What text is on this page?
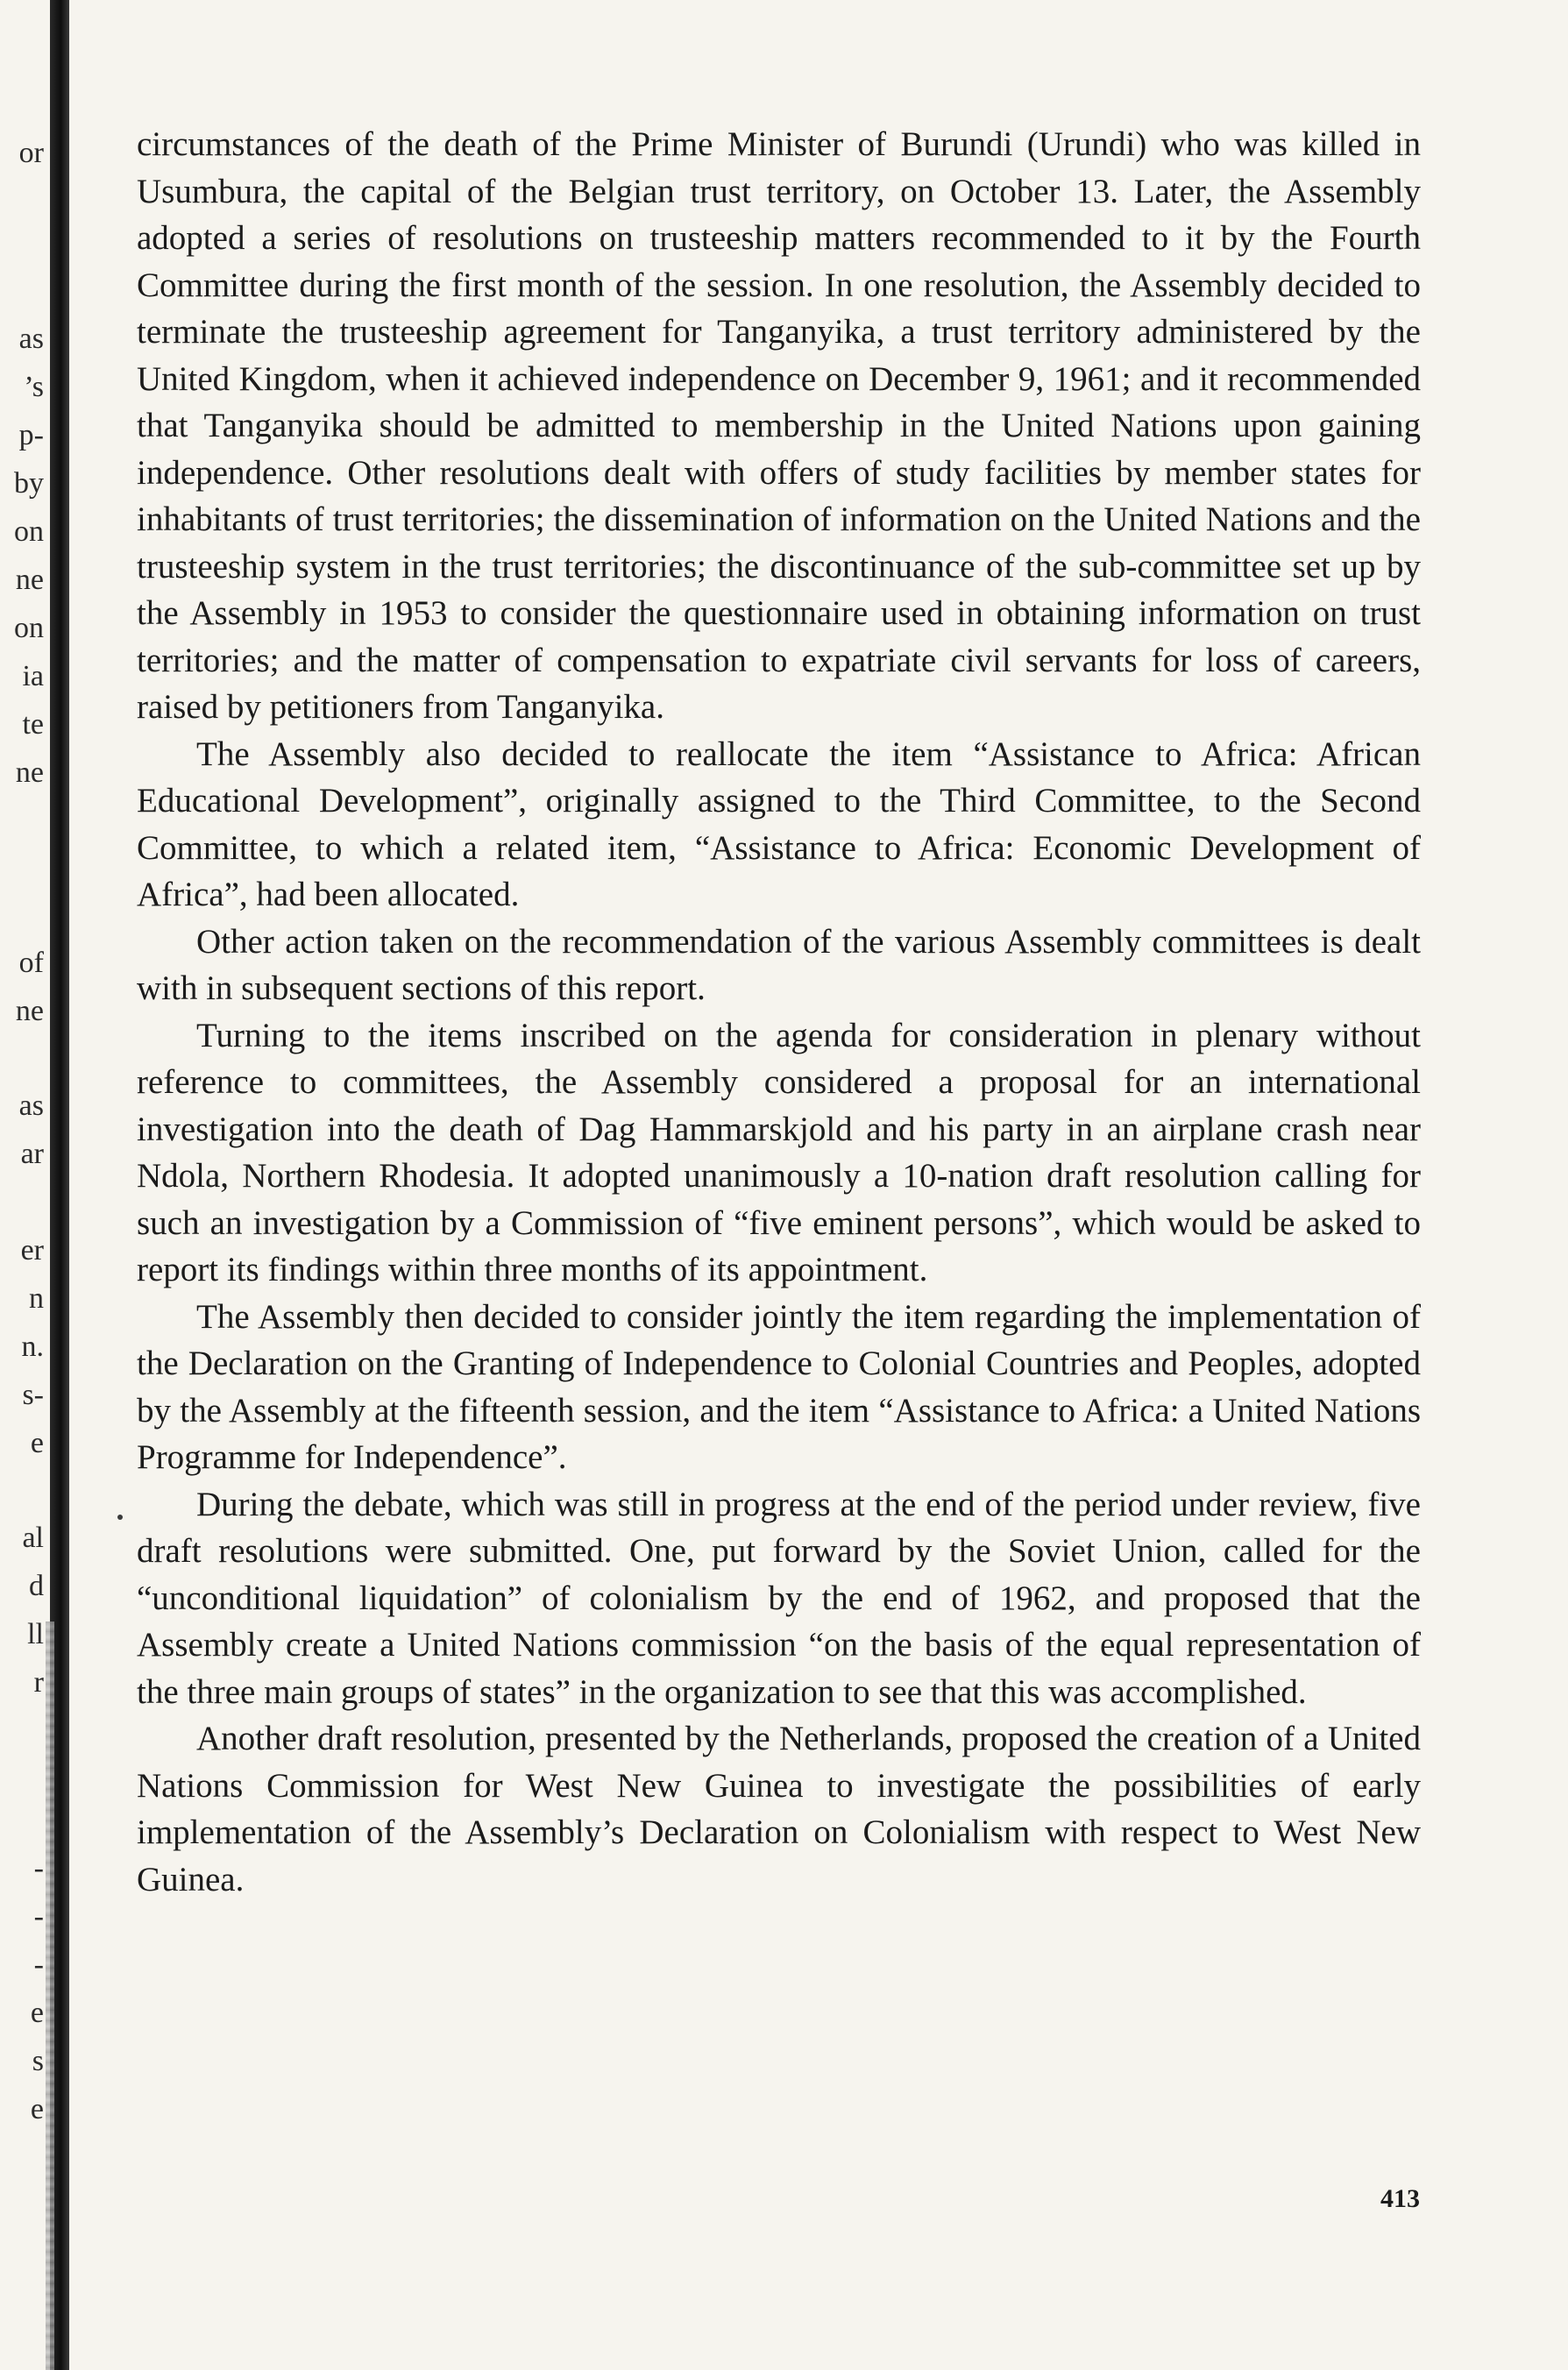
or
as
’s
p-
by
on
ne
on
ia
te
ne
of
ne
as
ar
er
n
n.
s-
e
al
d
ll
r
-
-
-
e
s
e

circumstances of the death of the Prime Minister of Burundi (Urundi) who was killed in Usumbura, the capital of the Belgian trust territory, on October 13. Later, the Assembly adopted a series of resolutions on trusteeship matters recommended to it by the Fourth Committee during the first month of the session. In one resolution, the Assembly decided to terminate the trusteeship agreement for Tanganyika, a trust territory administered by the United Kingdom, when it achieved independence on December 9, 1961; and it recommended that Tanganyika should be admitted to membership in the United Nations upon gaining independence. Other resolutions dealt with offers of study facilities by member states for inhabitants of trust territories; the dissemination of information on the United Nations and the trusteeship system in the trust territories; the discontinuance of the sub-committee set up by the Assembly in 1953 to consider the questionnaire used in obtaining information on trust territories; and the matter of compensation to expatriate civil servants for loss of careers, raised by petitioners from Tanganyika.

The Assembly also decided to reallocate the item “Assistance to Africa: African Educational Development”, originally assigned to the Third Committee, to the Second Committee, to which a related item, “Assistance to Africa: Economic Development of Africa”, had been allocated.

Other action taken on the recommendation of the various Assembly committees is dealt with in subsequent sections of this report.

Turning to the items inscribed on the agenda for consideration in plenary without reference to committees, the Assembly considered a proposal for an international investigation into the death of Dag Hammarskjold and his party in an airplane crash near Ndola, Northern Rhodesia. It adopted unanimously a 10-nation draft resolution calling for such an investigation by a Commission of “five eminent persons”, which would be asked to report its findings within three months of its appointment.

The Assembly then decided to consider jointly the item regarding the implementation of the Declaration on the Granting of Independence to Colonial Countries and Peoples, adopted by the Assembly at the fifteenth session, and the item “Assistance to Africa: a United Nations Programme for Independence”.

During the debate, which was still in progress at the end of the period under review, five draft resolutions were submitted. One, put forward by the Soviet Union, called for the “unconditional liquidation” of colonialism by the end of 1962, and proposed that the Assembly create a United Nations commission “on the basis of the equal representation of the three main groups of states” in the organization to see that this was accomplished.

Another draft resolution, presented by the Netherlands, proposed the creation of a United Nations Commission for West New Guinea to investigate the possibilities of early implementation of the Assembly’s Declaration on Colonialism with respect to West New Guinea.

413
